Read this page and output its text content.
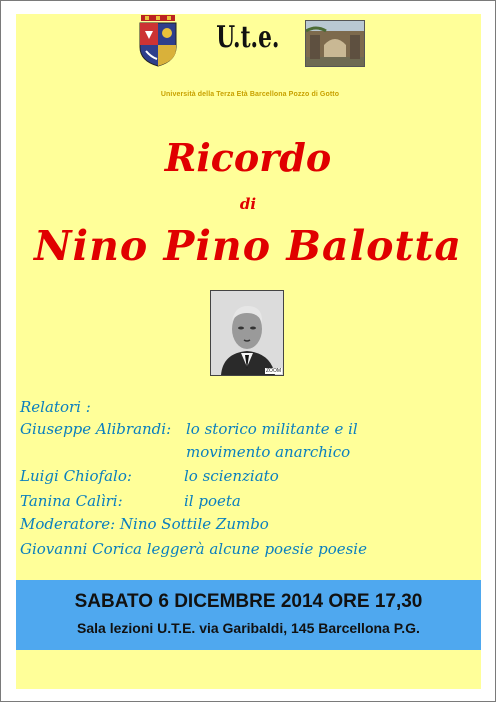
U.t.e.
Università della Terza Età Barcellona Pozzo di Gotto
Ricordo
di
Nino Pino Balotta
ZOOM
Relatori :
Giuseppe Alibrandi: lo storico militante e il
movimento anarchico
Luigi Chiofalo:	lo scienziato
Tanina Calìri:	il poeta
Moderatore: Nino Sottile Zumbo
Giovanni Corica leggerà alcune poesie poesie
SABATO 6 DICEMBRE 2014 ORE 17,30
Sala lezioni U.T.E. via Garibaldi, 145 Barcellona P.G.
